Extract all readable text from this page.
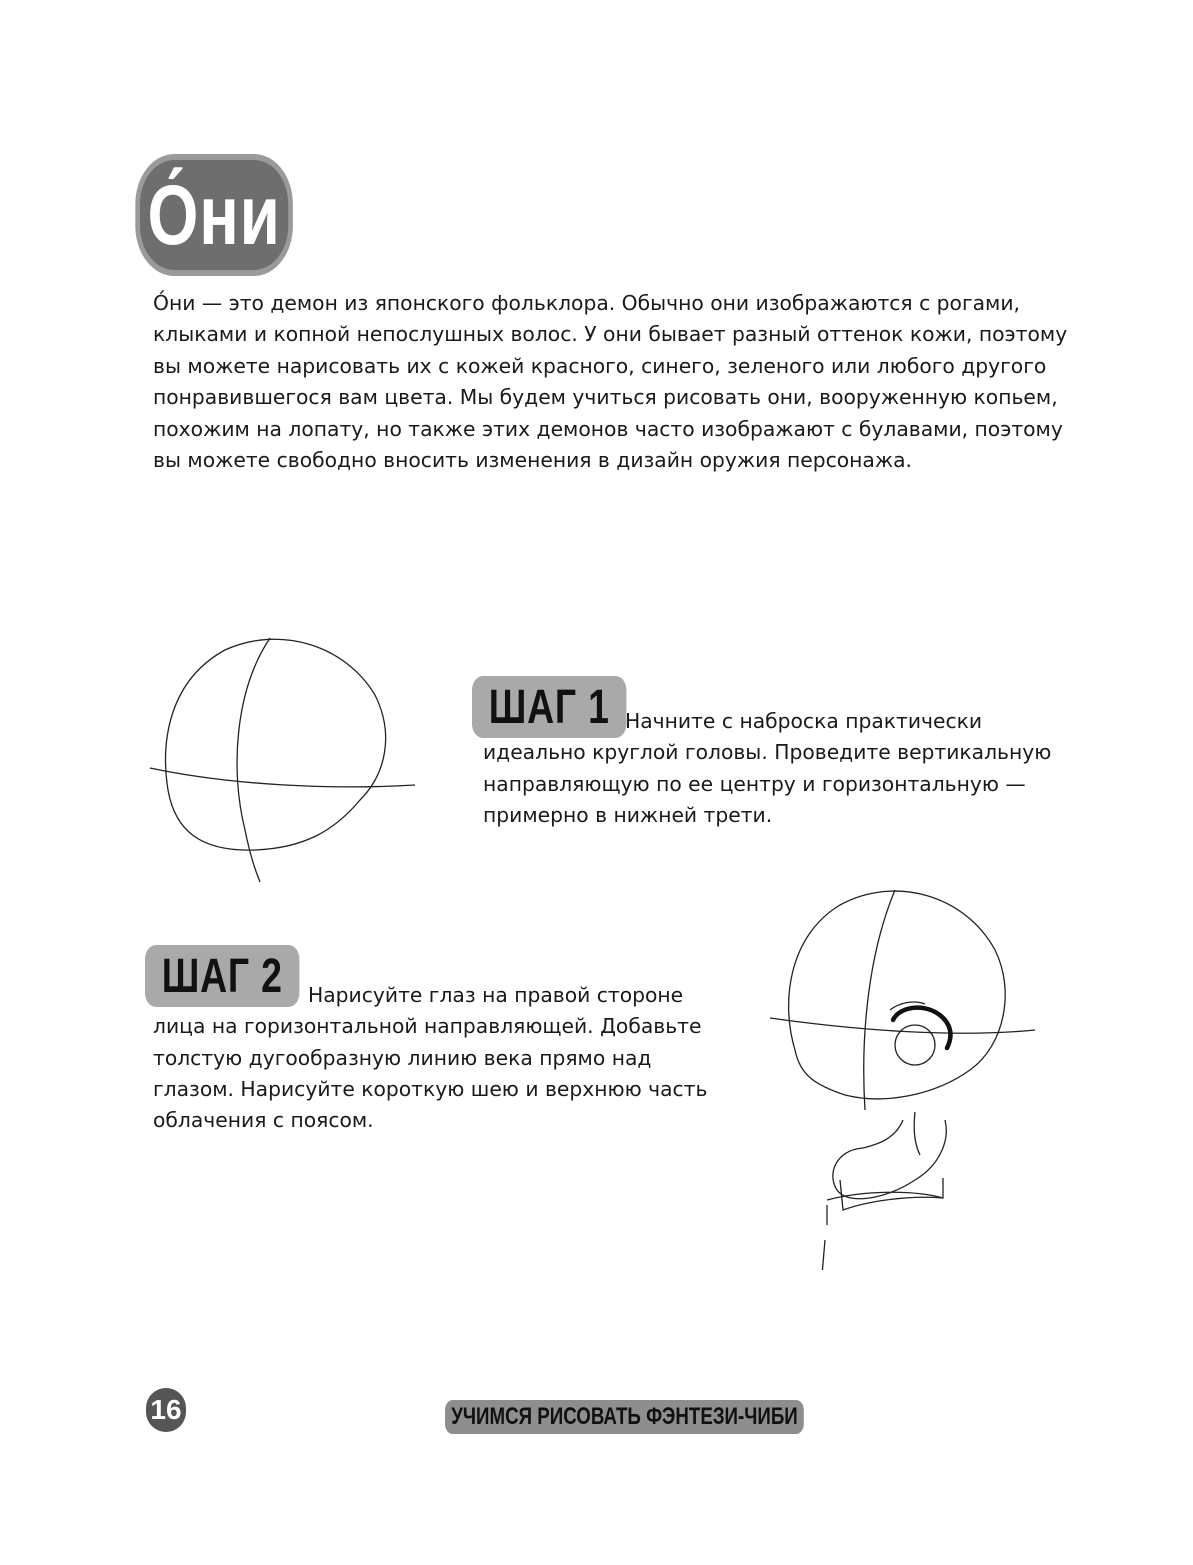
О́ни

О́ни — это демон из японского фольклора. Обычно они изображаются с рогами, клыками и копной непослушных волос. У они бывает разный оттенок кожи, поэтому вы можете нарисовать их с кожей красного, синего, зеленого или любого другого понравившегося вам цвета. Мы будем учиться рисовать они, вооруженную копьем, похожим на лопату, но также этих демонов часто изображают с булавами, поэтому вы можете свободно вносить изменения в дизайн оружия персонажа.

ШАГ 1 Начните с наброска практически идеально круглой головы. Проведите вертикальную направляющую по ее центру и горизонтальную — примерно в нижней трети.

ШАГ 2	Нарисуйте глаз на правой стороне лица на горизонтальной направляющей. Добавьте толстую дугообразную линию века прямо над глазом. Нарисуйте короткую шею и верхнюю часть облачения с поясом.

16	УЧИМСЯ РИСОВАТЬ ФЭНТЕЗИ-ЧИБИ
